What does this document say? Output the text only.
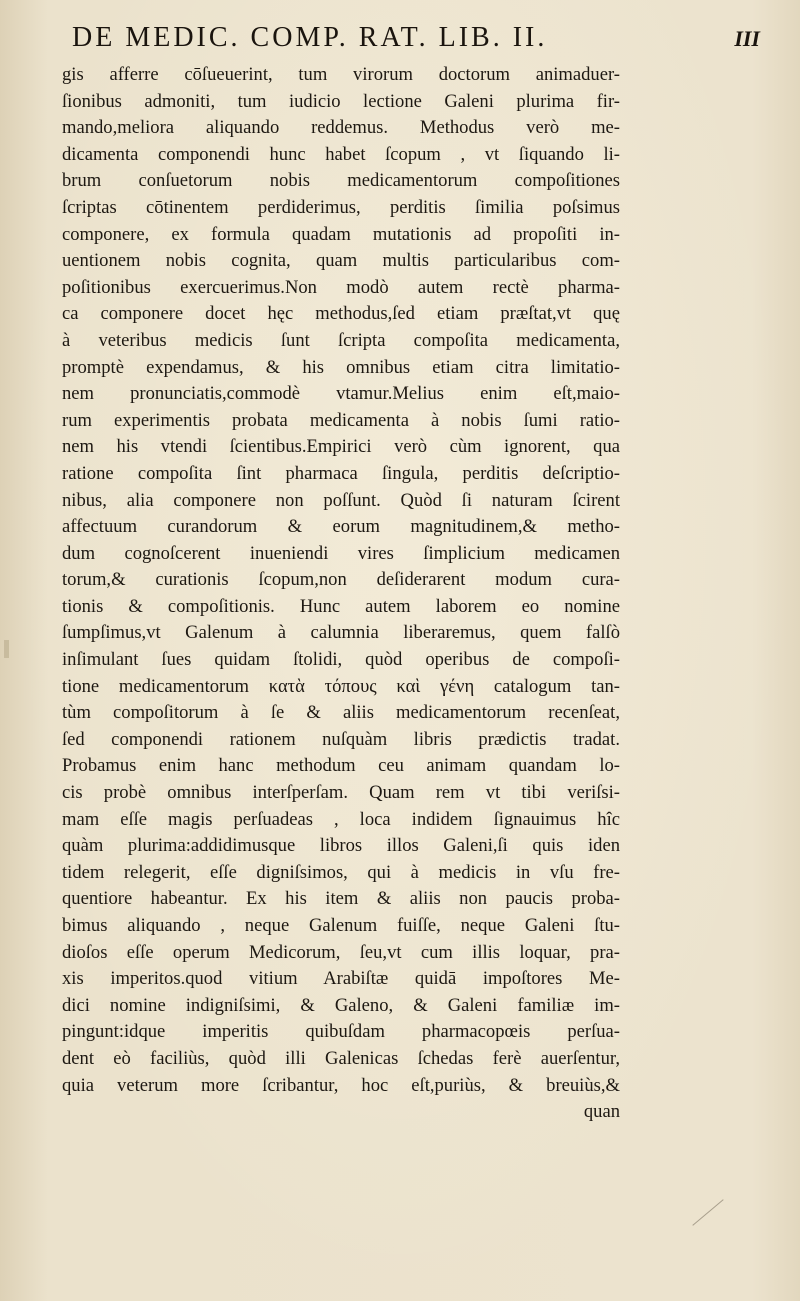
DE MEDIC. COMP. RAT. LIB. II.	III
gis afferre cōſueuerint, tum virorum doctorum animaduer-
ſionibus admoniti, tum iudicio lectione Galeni plurima fir-
mando,meliora aliquando reddemus. Methodus verò me-
dicamenta componendi hunc habet ſcopum , vt ſiquando li-
brum conſuetorum nobis medicamentorum compoſitiones
ſcriptas cōtinentem perdiderimus, perditis ſimilia poſsimus
componere, ex formula quadam mutationis ad propoſiti in-
uentionem nobis cognita, quam multis particularibus com-
poſitionibus exercuerimus.Non modò autem rectè pharma-
ca componere docet hęc methodus,ſed etiam præſtat,vt quę
à veteribus medicis ſunt ſcripta compoſita medicamenta,
promptè expendamus, & his omnibus etiam citra limitatio-
nem pronunciatis,commodè vtamur.Melius enim eſt,maio-
rum experimentis probata medicamenta à nobis ſumi ratio-
nem his vtendi ſcientibus.Empirici verò cùm ignorent, qua
ratione compoſita ſint pharmaca ſingula, perditis deſcriptio-
nibus, alia componere non poſſunt. Quòd ſi naturam ſcirent
affectuum curandorum & eorum magnitudinem,& metho-
dum cognoſcerent inueniendi vires ſimplicium medicamen
torum,& curationis ſcopum,non deſiderarent modum cura-
tionis & compoſitionis. Hunc autem laborem eo nomine
ſumpſimus,vt Galenum à calumnia liberaremus, quem falſò
inſimulant ſues quidam ſtolidi, quòd operibus de compoſi-
tione medicamentorum κατὰ τόπους καὶ γένη catalogum tan-
tùm compoſitorum à ſe & aliis medicamentorum recenſeat,
ſed componendi rationem nuſquàm libris prædictis tradat.
Probamus enim hanc methodum ceu animam quandam lo-
cis probè omnibus interſperſam. Quam rem vt tibi veriſsi-
mam eſſe magis perſuadeas , loca indidem ſignauimus hîc
quàm plurima:addidimusque libros illos Galeni,ſi quis iden
tidem relegerit, eſſe digniſsimos, qui à medicis in vſu fre-
quentiore habeantur. Ex his item & aliis non paucis proba-
bimus aliquando , neque Galenum fuiſſe, neque Galeni ſtu-
dioſos eſſe operum Medicorum, ſeu,vt cum illis loquar, pra-
xis imperitos.quod vitium Arabiſtæ quidā impoſtores Me-
dici nomine indigniſsimi, & Galeno, & Galeni familiæ im-
pingunt:idque imperitis quibuſdam pharmacopœis perſua-
dent eò faciliùs, quòd illi Galenicas ſchedas ferè auerſentur,
quia veterum more ſcribantur, hoc eſt,puriùs, & breuiùs,&
quan
